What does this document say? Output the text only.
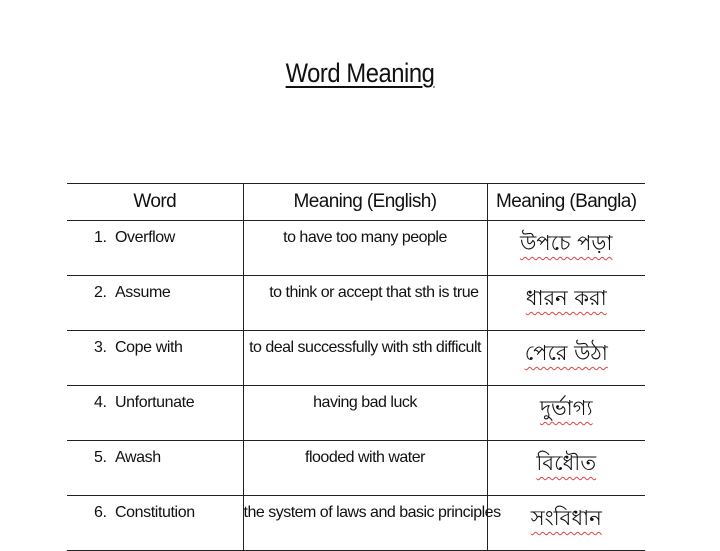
Word Meaning
Word	Meaning (English)	Meaning (Bangla)
1. Overflow	to have too many people	উপচে পড়া
2. Assume	to think or accept that sth is true	ধারন করা
3. Cope with	to deal successfully with sth difficult	পেরে উঠা
4. Unfortunate	having bad luck	দুর্ভাগ্য
5. Awash	flooded with water	বিধৌত
6. Constitution	the system of laws and basic principles	সংবিধান
